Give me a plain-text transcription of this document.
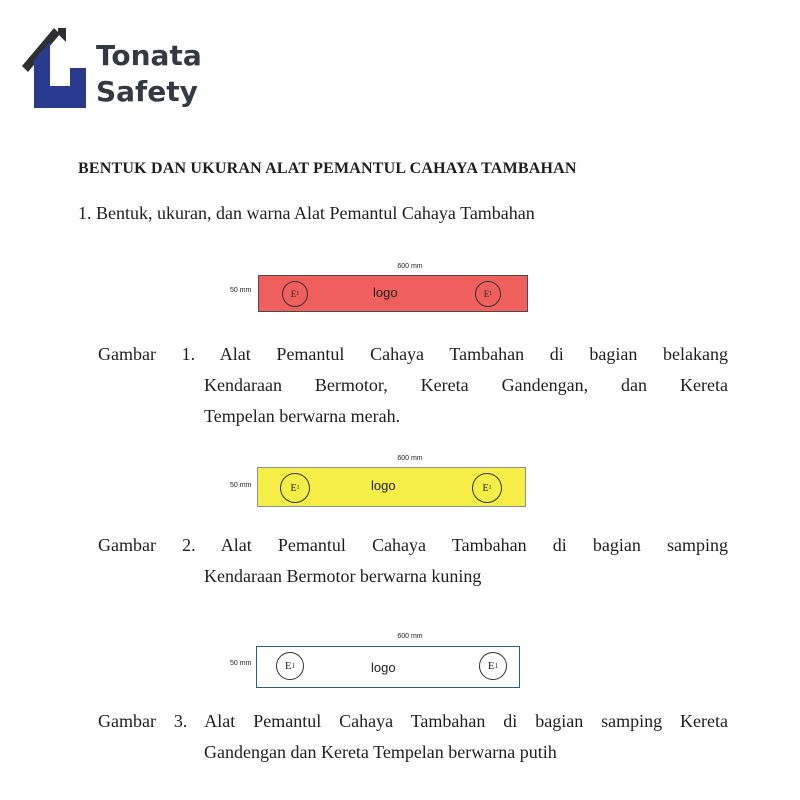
Tonata
Safety
BENTUK DAN UKURAN ALAT PEMANTUL CAHAYA TAMBAHAN
1. Bentuk, ukuran, dan warna Alat Pemantul Cahaya Tambahan
600 mm
50 mm	E 1	logo	E 1
Gambar 1. Alat Pemantul Cahaya Tambahan di bagian belakang
Kendaraan Bermotor, Kereta Gandengan, dan Kereta
Tempelan berwarna merah.
600 mm
50 mm	E 1	logo	E 1
Gambar 2. Alat Pemantul Cahaya Tambahan di bagian samping
Kendaraan Bermotor berwarna kuning
600 mm
50 mm	E 1	logo	E 1
Gambar 3. Alat Pemantul Cahaya Tambahan di bagian samping Kereta
Gandengan dan Kereta Tempelan berwarna putih
